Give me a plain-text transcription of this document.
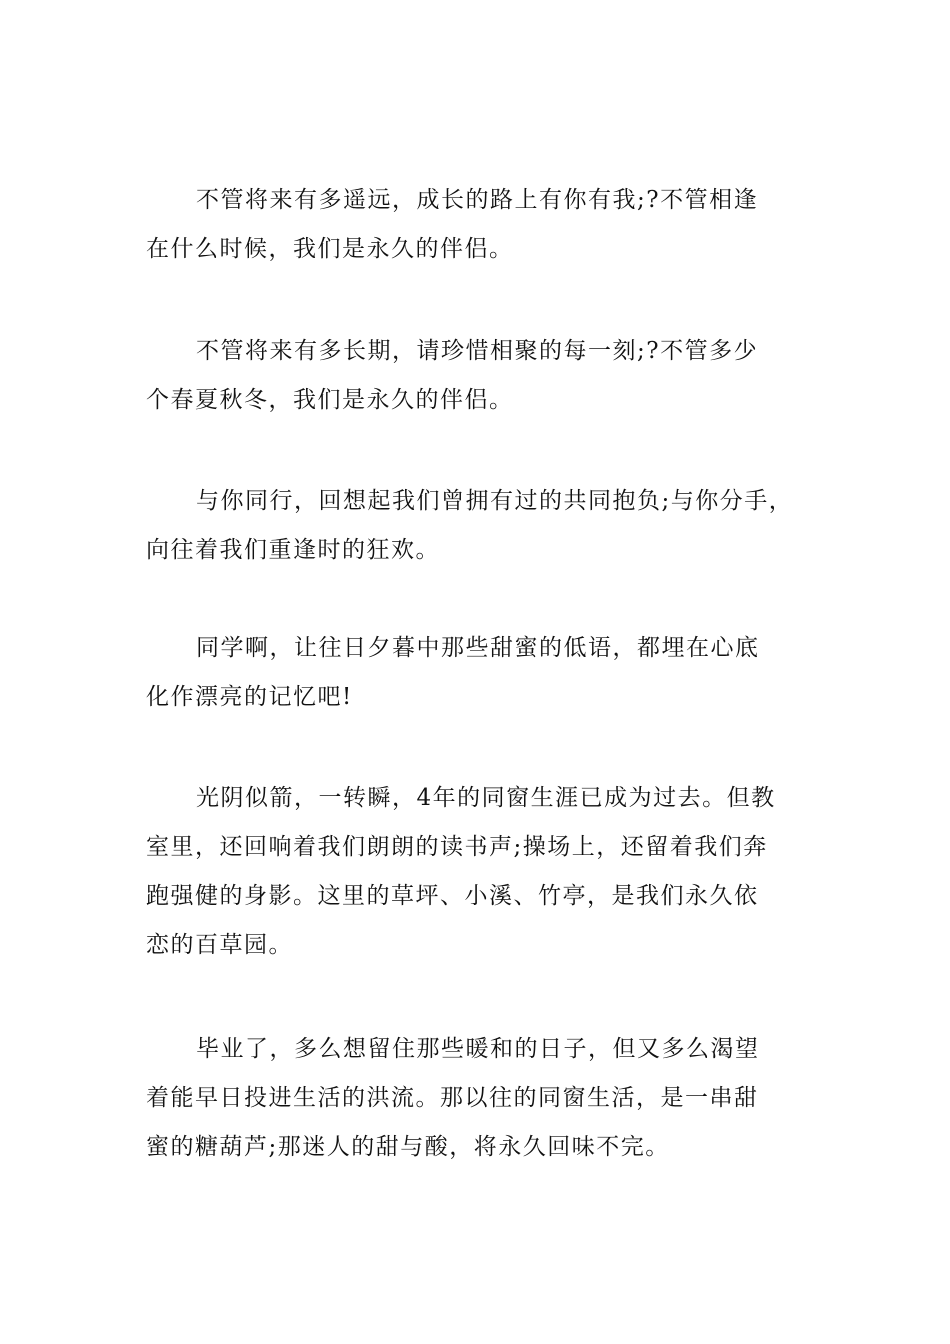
不管将来有多遥远，成长的路上有你有我;?不管相逢
在什么时候，我们是永久的伴侣。

不管将来有多长期，请珍惜相聚的每一刻;?不管多少
个春夏秋冬，我们是永久的伴侣。

与你同行，回想起我们曾拥有过的共同抱负;与你分手，
向往着我们重逢时的狂欢。

同学啊，让往日夕暮中那些甜蜜的低语，都埋在心底
化作漂亮的记忆吧!

光阴似箭，一转瞬，4年的同窗生涯已成为过去。但教
室里，还回响着我们朗朗的读书声;操场上，还留着我们奔
跑强健的身影。这里的草坪、小溪、竹亭，是我们永久依
恋的百草园。

毕业了，多么想留住那些暖和的日子，但又多么渴望
着能早日投进生活的洪流。那以往的同窗生活，是一串甜
蜜的糖葫芦;那迷人的甜与酸，将永久回味不完。
